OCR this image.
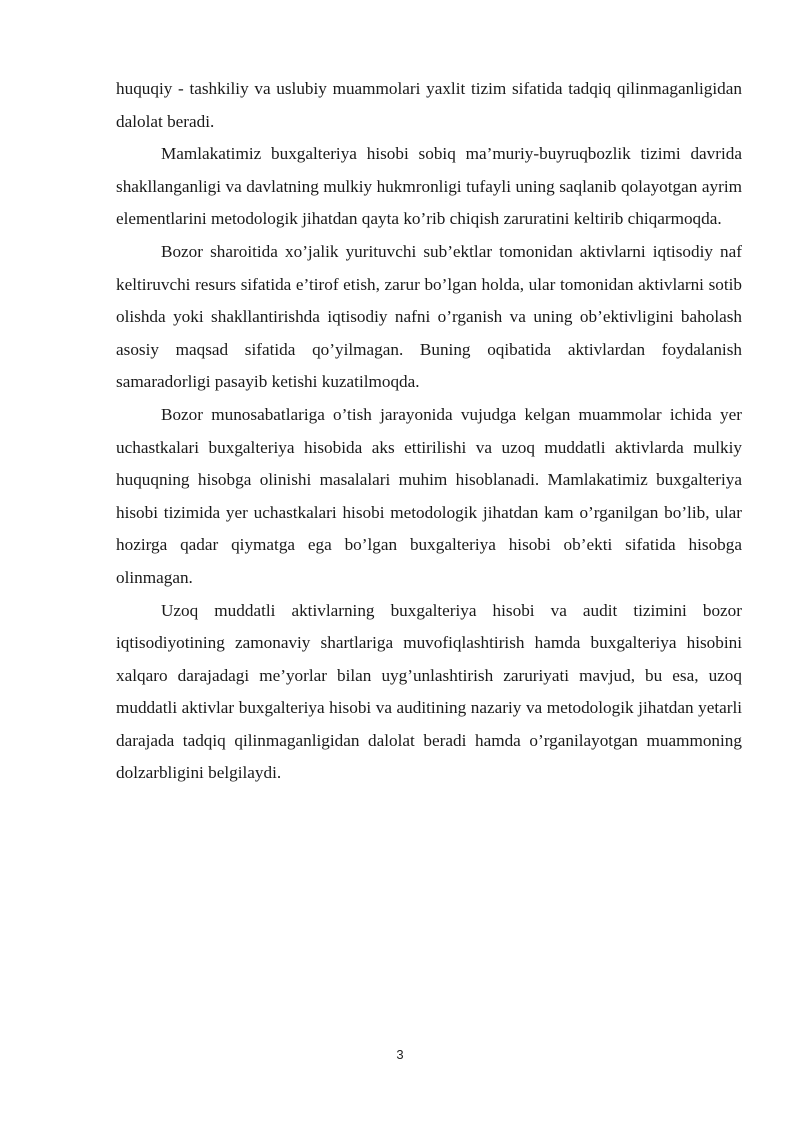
huquqiy - tashkiliy va uslubiy muammolari yaxlit tizim sifatida tadqiq qilinmaganligidan dalolat beradi.

Mamlakatimiz buxgalteriya hisobi sobiq ma’muriy-buyruqbozlik tizimi davrida shakllanganligi va davlatning mulkiy hukmronligi tufayli uning saqlanib qolayotgan ayrim elementlarini metodologik jihatdan qayta ko’rib chiqish zaruratini keltirib chiqarmoqda.

Bozor sharoitida xo’jalik yurituvchi sub’ektlar tomonidan aktivlarni iqtisodiy naf keltiruvchi resurs sifatida e’tirof etish, zarur bo’lgan holda, ular tomonidan aktivlarni sotib olishda yoki shakllantirishda iqtisodiy nafni o’rganish va uning ob’ektivligini baholash asosiy maqsad sifatida qo’yilmagan. Buning oqibatida aktivlardan foydalanish samaradorligi pasayib ketishi kuzatilmoqda.

Bozor munosabatlariga o’tish jarayonida vujudga kelgan muammolar ichida yer uchastkalari buxgalteriya hisobida aks ettirilishi va uzoq muddatli aktivlarda mulkiy huquqning hisobga olinishi masalalari muhim hisoblanadi. Mamlakatimiz buxgalteriya hisobi tizimida yer uchastkalari hisobi metodologik jihatdan kam o’rganilgan bo’lib, ular hozirga qadar qiymatga ega bo’lgan buxgalteriya hisobi ob’ekti sifatida hisobga olinmagan.

Uzoq muddatli aktivlarning buxgalteriya hisobi va audit tizimini bozor iqtisodiyotining zamonaviy shartlariga muvofiqlashtirish hamda buxgalteriya hisobini xalqaro darajadagi me’yorlar bilan uyg’unlashtirish zaruriyati mavjud, bu esa, uzoq muddatli aktivlar buxgalteriya hisobi va auditining nazariy va metodologik jihatdan yetarli darajada tadqiq qilinmaganligidan dalolat beradi hamda o’rganilayotgan muammoning dolzarbligini belgilaydi.

3
